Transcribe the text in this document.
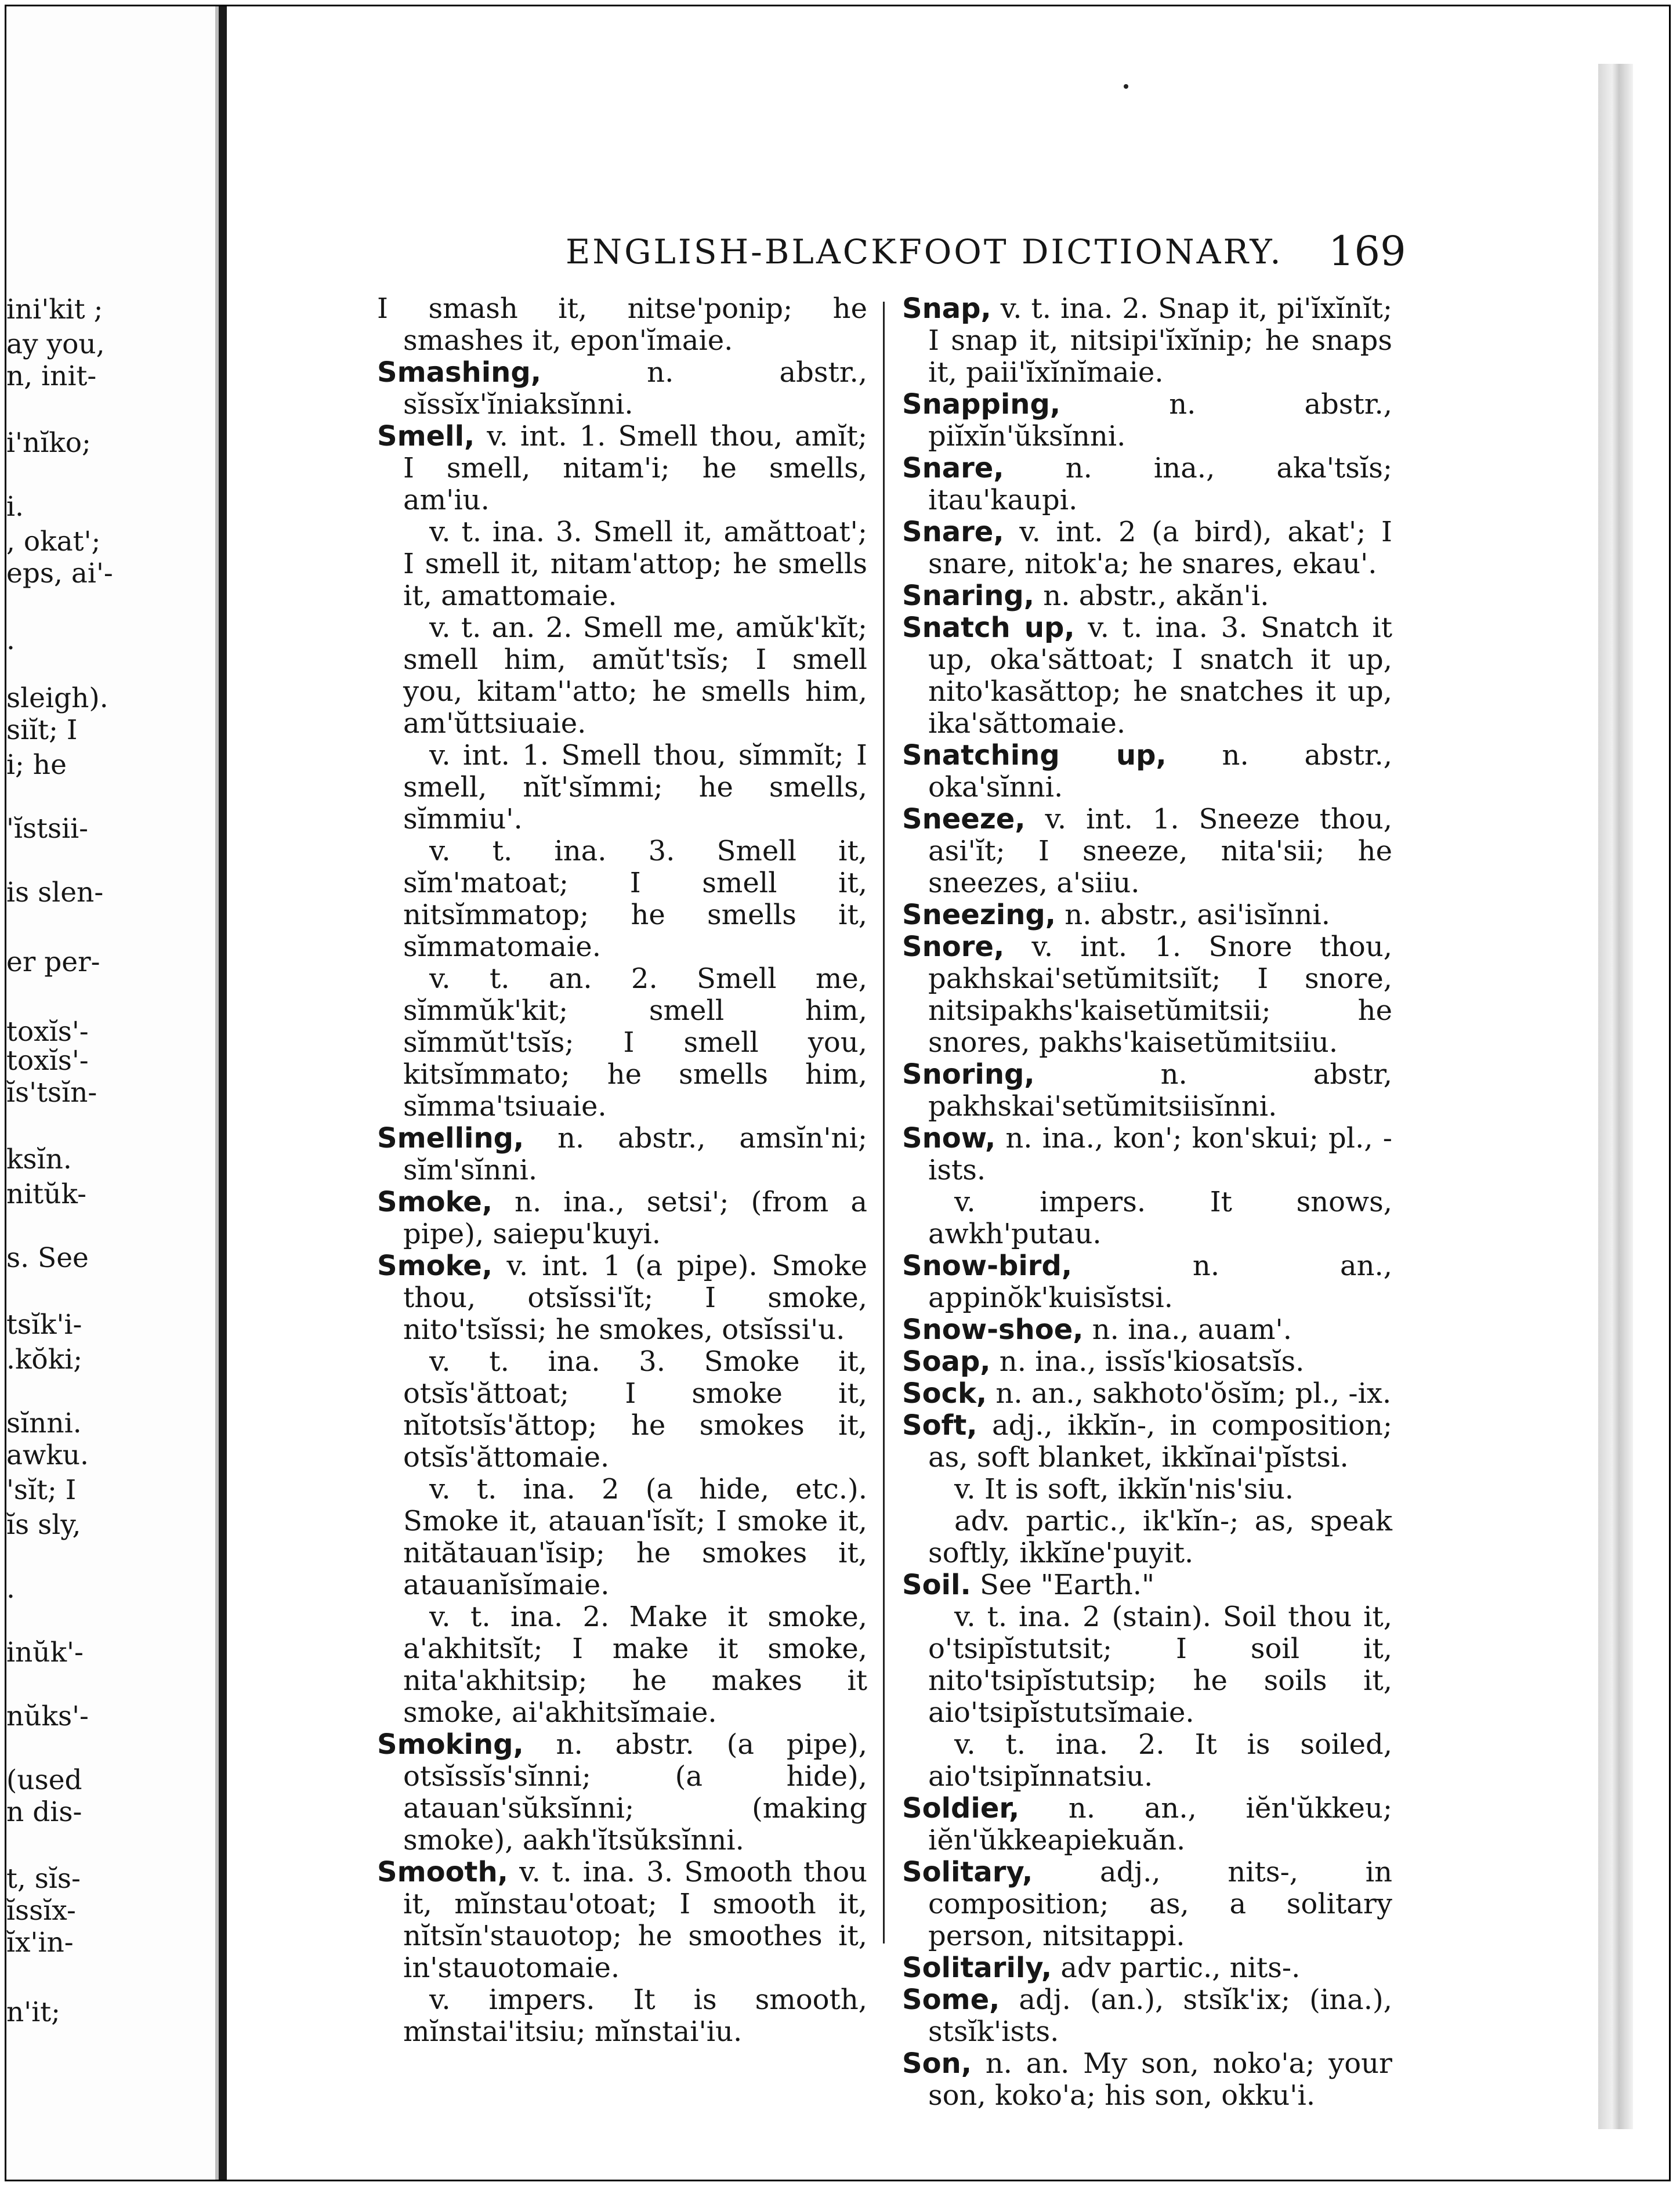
ini'kit ;
ay you,
n, init-
i'nĭko;
i.
, okat';
eps, ai'-
.
sleigh).
siĭt; I
i; he
'ĭstsii-
is slen-
er per-
toxĭs'-
toxĭs'-
ĭs'tsĭn-
ksĭn.
nitŭk-
s. See
tsĭk'i-
.kŏki;
sĭnni.
awku.
'sĭt; I
ĭs sly,
.
inŭk'-
nŭks'-
(used
n dis-
t, sĭs-
ĭssĭx-
ĭx'in-
n'it;
ENGLISH-BLACKFOOT DICTIONARY. 169

I smash it, nitse'ponip; he smashes it, epon'ĭmaie.

Smashing, n. abstr., sĭssĭx'ĭniaksĭnni.

Smell, v. int. 1. Smell thou, amĭt; I smell, nitam'i; he smells, am'iu.

v. t. ina. 3. Smell it, amăttoat'; I smell it, nitam'attop; he smells it, amattomaie.

v. t. an. 2. Smell me, amŭk'kĭt; smell him, amŭt'tsĭs; I smell you, kitam''atto; he smells him, am'ŭttsiuaie.

v. int. 1. Smell thou, sĭmmĭt; I smell, nĭt'sĭmmi; he smells, sĭmmiu'.

v. t. ina. 3. Smell it, sĭm'matoat; I smell it, nitsĭmmatop; he smells it, sĭmmatomaie.

v. t. an. 2. Smell me, sĭmmŭk'kit; smell him, sĭmmŭt'tsĭs; I smell you, kitsĭmmato; he smells him, sĭmma'tsiuaie.

Smelling, n. abstr., amsĭn'ni; sĭm'sĭnni.

Smoke, n. ina., setsi'; (from a pipe), saiepu'kuyi.

Smoke, v. int. 1 (a pipe). Smoke thou, otsĭssi'ĭt; I smoke, nito'tsĭssi; he smokes, otsĭssi'u.

v. t. ina. 3. Smoke it, otsĭs'ăttoat; I smoke it, nĭtotsĭs'ăttop; he smokes it, otsĭs'ăttomaie.

v. t. ina. 2 (a hide, etc.). Smoke it, atauan'ĭsĭt; I smoke it, nitătauan'ĭsip; he smokes it, atauanĭsĭmaie.

v. t. ina. 2. Make it smoke, a'akhitsĭt; I make it smoke, nita'akhitsip; he makes it smoke, ai'akhitsĭmaie.

Smoking, n. abstr. (a pipe), otsĭssĭs'sĭnni; (a hide), atauan'sŭksĭnni; (making smoke), aakh'ĭtsŭksĭnni.

Smooth, v. t. ina. 3. Smooth thou it, mĭnstau'otoat; I smooth it, nĭtsĭn'stauotop; he smoothes it, in'stauotomaie.

v. impers. It is smooth, mĭnstai'itsiu; mĭnstai'iu.

Snap, v. t. ina. 2. Snap it, pi'ĭxĭnĭt; I snap it, nitsipi'ĭxĭnip; he snaps it, paii'ĭxĭnĭmaie.

Snapping, n. abstr., piĭxĭn'ŭksĭnni.

Snare, n. ina., aka'tsĭs; itau'kaupi.

Snare, v. int. 2 (a bird), akat'; I snare, nitok'a; he snares, ekau'.

Snaring, n. abstr., akăn'i.

Snatch up, v. t. ina. 3. Snatch it up, oka'săttoat; I snatch it up, nito'kasăttop; he snatches it up, ika'săttomaie.

Snatching up, n. abstr., oka'sĭnni.

Sneeze, v. int. 1. Sneeze thou, asi'ĭt; I sneeze, nita'sii; he sneezes, a'siiu.

Sneezing, n. abstr., asi'isĭnni.

Snore, v. int. 1. Snore thou, pakhskai'setŭmitsiĭt; I snore, nitsipakhs'kaisetŭmitsii; he snores, pakhs'kaisetŭmitsiiu.

Snoring, n. abstr, pakhskai'setŭmitsiisĭnni.

Snow, n. ina., kon'; kon'skui; pl., -ists.

v. impers. It snows, awkh'putau.

Snow-bird, n. an., appinŏk'kuisĭstsi.

Snow-shoe, n. ina., auam'.

Soap, n. ina., issĭs'kiosatsĭs.

Sock, n. an., sakhoto'ŏsĭm; pl., -ix.

Soft, adj., ikkĭn-, in composition; as, soft blanket, ikkĭnai'pĭstsi.

v. It is soft, ikkĭn'nis'siu.

adv. partic., ik'kĭn-; as, speak softly, ikkĭne'puyit.

Soil. See "Earth."

v. t. ina. 2 (stain). Soil thou it, o'tsipĭstutsit; I soil it, nito'tsipĭstutsip; he soils it, aio'tsipĭstutsĭmaie.

v. t. ina. 2. It is soiled, aio'tsipĭnnatsiu.

Soldier, n. an., iĕn'ŭkkeu; iĕn'ŭkkeapiekuăn.

Solitary, adj., nits-, in composition; as, a solitary person, nitsitappi.

Solitarily, adv partic., nits-.

Some, adj. (an.), stsĭk'ix; (ina.), stsĭk'ists.

Son, n. an. My son, noko'a; your son, koko'a; his son, okku'i.
